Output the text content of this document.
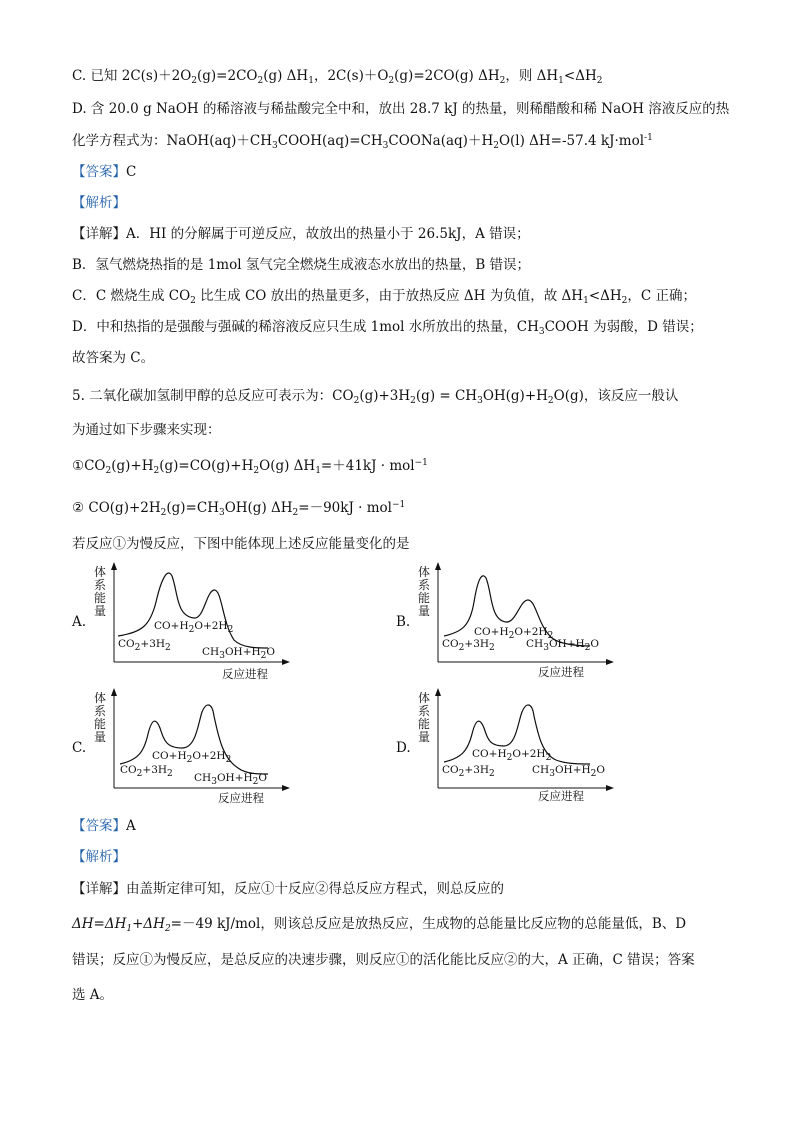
C. 已知 $2C(s)+2O_2(g)=2CO_2(g)$ $\Delta H_1$，$2C(s)+O_2(g)=2CO(g)$ $\Delta H_2$，则 $\Delta H_1<\Delta H_2$
D. 含 20.0 g NaOH 的稀溶液与稀盐酸完全中和，放出 28.7 kJ 的热量，则稀醋酸和稀 NaOH 溶液反应的热
化学方程式为：$NaOH(aq)+CH_3COOH(aq)=CH_3COONa(aq)+H_2O(l)$ ΔH=-57.4 kJ·mol$^{-1}$
【答案】C
【解析】
【详解】A．HI 的分解属于可逆反应，故放出的热量小于 26.5kJ，A 错误；
B．氢气燃烧热指的是 1mol 氢气完全燃烧生成液态水放出的热量，B 错误；
C．C 燃烧生成 $CO_2$ 比生成 CO 放出的热量更多，由于放热反应 ΔH 为负值，故 $\Delta H_1<\Delta H_2$，C 正确；
D．中和热指的是强酸与强碱的稀溶液反应只生成 1mol 水所放出的热量，$CH_3COOH$ 为弱酸，D 错误；
故答案为 C。
5. 二氧化碳加氢制甲醇的总反应可表示为：$CO_2(g)+3H_2(g) = CH_3OH(g)+H_2O(g)$，该反应一般认
为通过如下步骤来实现：
$①CO_2(g)+H_2(g)=CO(g)+H_2O(g) \Delta H_1=+41kJ \cdot mol^{-1}$
② $CO(g)+2H_2(g)=CH_3OH(g) \Delta H_2=-90kJ \cdot mol^{-1}$
若反应①为慢反应，下图中能体现上述反应能量变化的是
A.
体
系
能
量
$CO_2+3H_2$
$CO+H_2O+2H_2$
$CH_3OH+H_2O$
反应进程
B.
体
系
能
量
$CO_2+3H_2$
$CO+H_2O+2H_2$
$CH_3OH+H_2O$
反应进程
C.
体
系
能
量
$CO_2+3H_2$
$CO+H_2O+2H_2$
$CH_3OH+H_2O$
反应进程
D.
体
系
能
量
$CO_2+3H_2$
$CO+H_2O+2H_2$
$CH_3OH+H_2O$
反应进程
【答案】A
【解析】
【详解】由盖斯定律可知，反应①十反应②得总反应方程式，则总反应的
$\Delta H=\Delta H_1+\Delta H_2=-49$ kJ/mol，则该总反应是放热反应，生成物的总能量比反应物的总能量低，B、D
错误；反应①为慢反应，是总反应的决速步骤，则反应①的活化能比反应②的大，A 正确，C 错误；答案
选 A。
